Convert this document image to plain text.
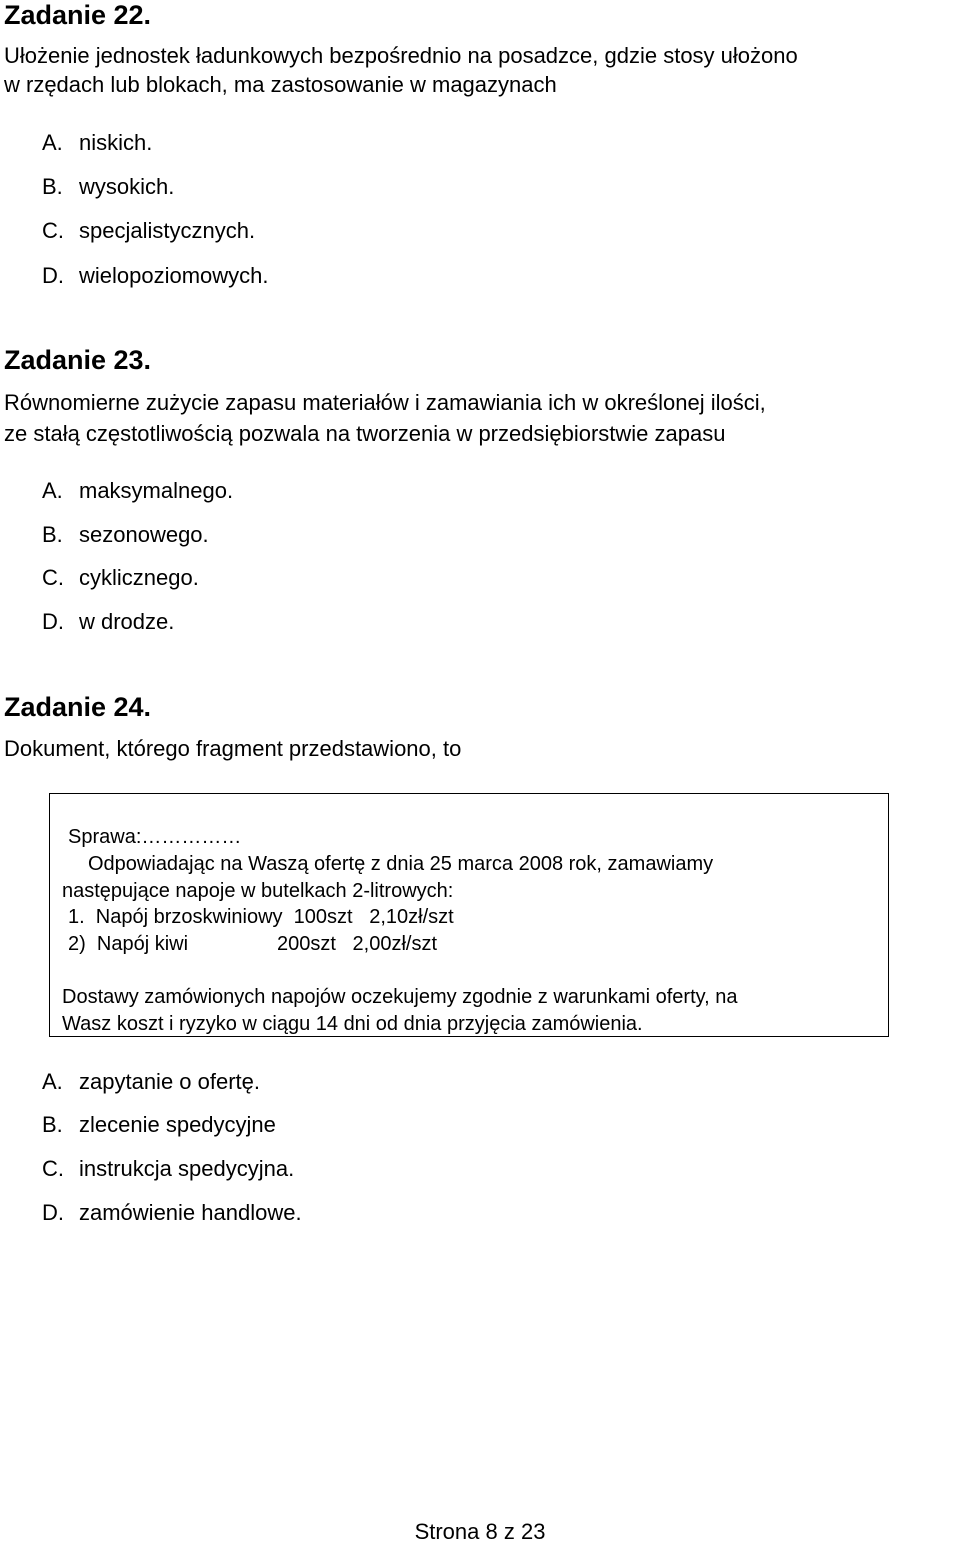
Zadanie 22.
Ułożenie jednostek ładunkowych bezpośrednio na posadzce, gdzie stosy ułożono
w rzędach lub blokach, ma zastosowanie w magazynach
A. niskich.
B. wysokich.
C. specjalistycznych.
D. wielopoziomowych.
Zadanie 23.
Równomierne zużycie zapasu materiałów i zamawiania ich w określonej ilości,
ze stałą częstotliwością pozwala na tworzenia w przedsiębiorstwie zapasu
A. maksymalnego.
B. sezonowego.
C. cyklicznego.
D. w drodze.
Zadanie 24.
Dokument, którego fragment przedstawiono, to
Sprawa:……………
Odpowiadając na Waszą ofertę z dnia 25 marca 2008 rok, zamawiamy
następujące napoje w butelkach 2-litrowych:
1.  Napój brzoskwiniowy  100szt   2,10zł/szt
2)  Napój kiwi                200szt   2,00zł/szt
Dostawy zamówionych napojów oczekujemy zgodnie z warunkami oferty, na
Wasz koszt i ryzyko w ciągu 14 dni od dnia przyjęcia zamówienia.
A. zapytanie o ofertę.
B. zlecenie spedycyjne
C. instrukcja spedycyjna.
D. zamówienie handlowe.
Strona 8 z 23
